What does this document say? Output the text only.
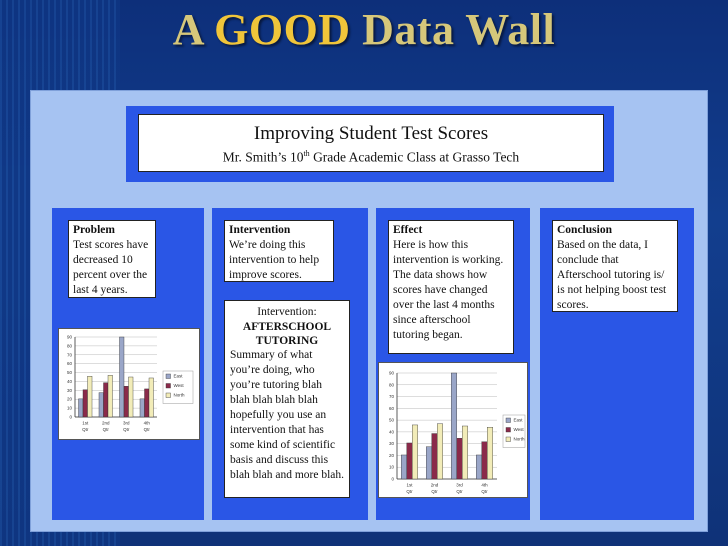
A GOOD Data Wall
Improving Student Test Scores
Mr. Smith’s 10th Grade Academic Class at Grasso Tech
Problem
Test scores have decreased 10 percent over the last 4 years.
Intervention
We’re doing this intervention to help improve scores.
Intervention:
AFTERSCHOOL TUTORING
Summary of what you’re doing, who you’re tutoring blah blah blah blah blah hopefully you use an intervention that has some kind of scientific basis and discuss this blah blah and more blah.
Effect
Here is how this intervention is working. The data shows how scores have changed over the last 4 months since afterschool tutoring began.
Conclusion
Based on the data, I conclude that Afterschool tutoring is/ is not helping boost test scores.
0
10
20
30
40
50
60
70
80
90
1st
Qtr
2nd
Qtr
3rd
Qtr
4th
Qtr
East
West
North
0
10
20
30
40
50
60
70
80
90
1st
Qtr
2nd
Qtr
3rd
Qtr
4th
Qtr
East
West
North
